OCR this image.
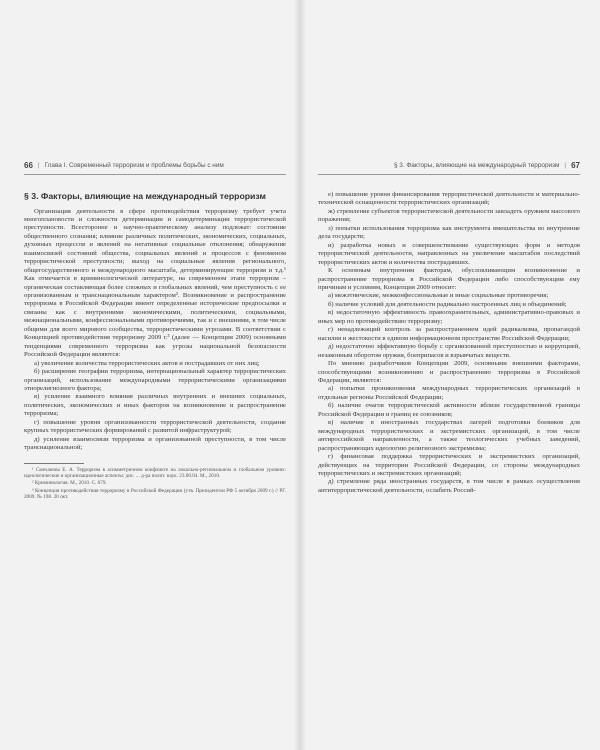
66 | Глава I. Современный терроризм и проблемы борьбы с ним
§ 3. Факторы, влияющие на международный терроризм

Организация деятельности в сфере противодействия терроризму требует учета многоплановости и сложности детерминации и самодетерминации террористической преступности. Всесторонне и научно-практическому анализу подлежат: состояние общественного сознания; влияние различных политических, экономических, социальных, духовных процессов и явлений на негативные социальные отклонения; обнаружение взаимосвязей состояний общества, социальных явлений и процессов с феноменом террористической преступности; выход на социальные явления регионального, общегосударственного и международного масштаба, детерминирующие терроризм и т.д.¹ Как отмечается в криминологической литературе, на современном этапе терроризм – органическая составляющая более сложных и глобальных явлений, чем преступность с ее организованным и транснациональным характером². Возникновение и распространение терроризма в Российской Федерации имеют определенные исторические предпосылки и связаны как с внутренними экономическими, политическими, социальными, межнациональными, конфессиональными противоречиями, так и с внешними, в том числе общими для всего мирового сообщества, террористическими угрозами. В соответствии с Концепцией противодействия терроризму 2009 г.³ (далее — Концепция 2009) основными тенденциями современного терроризма как угрозы национальной безопасности Российской Федерации являются:

а) увеличение количества террористических актов и пострадавших от них лиц;

б) расширение географии терроризма, интернациональный характер террористических организаций, использование международными террористическими организациями этнорелигиозного фактора;

в) усиление взаимного влияния различных внутренних и внешних социальных, политических, экономических и иных факторов на возникновение и распространение терроризма;

г) повышение уровня организованности террористической деятельности, создание крупных террористических формирований с развитой инфраструктурой;

д) усиление взаимосвязи терроризма и организованной преступности, в том числе транснациональной;

¹ Смеханова Е. А. Терроризм в асимметричном конфликте на локально-региональном и глобальном уровнях: идеологические и организационные аспекты: дис. ... д-ра полит. наук. 23.00.04. М., 2010.

² Криминология. М., 2010. С. 679.

³ Концепция противодействия терроризму в Российской Федерации (утв. Президентом РФ 5 октября 2009 г.) // РГ. 2009. № 198. 20 окт.

§ 3. Факторы, влияющие на международный терроризм | 67

е) повышение уровня финансирования террористической деятельности и материально-технической оснащенности террористических организаций;

ж) стремление субъектов террористической деятельности завладеть оружием массового поражения;

з) попытки использования терроризма как инструмента вмешательства во внутренние дела государств;

и) разработка новых и совершенствование существующих форм и методов террористической деятельности, направленных на увеличение масштабов последствий террористических актов и количества пострадавших.

К основным внутренним факторам, обусловливающим возникновение и распространение терроризма в Российской Федерации либо способствующим ему причинам и условиям, Концепция 2009 относит:

а) межэтнические, межконфессиональные и иные социальные противоречия;

б) наличие условий для деятельности радикально настроенных лиц и объединений;

в) недостаточную эффективность правоохранительных, административно-правовых и иных мер по противодействию терроризму;

г) ненадлежащий контроль за распространением идей радикализма, пропагандой насилия и жестокости в едином информационном пространстве Российской Федерации;

д) недостаточно эффективную борьбу с организованной преступностью и коррупцией, незаконным оборотом оружия, боеприпасов и взрывчатых веществ.

По мнению разработчиков Концепции 2009, основными внешними факторами, способствующими возникновению и распространению терроризма в Российской Федерации, являются:

а) попытки проникновения международных террористических организаций в отдельные регионы Российской Федерации;

б) наличие очагов террористической активности вблизи государственной границы Российской Федерации и границ ее союзников;

в) наличие в иностранных государствах лагерей подготовки боевиков для международных террористических и экстремистских организаций, в том числе антироссийской направленности, а также теологических учебных заведений, распространяющих идеологию религиозного экстремизма;

г) финансовая поддержка террористических и экстремистских организаций, действующих на территории Российской Федерации, со стороны международных террористических и экстремистских организаций;

д) стремление ряда иностранных государств, в том числе в рамках осуществления антитеррористической деятельности, ослабить Россий-
